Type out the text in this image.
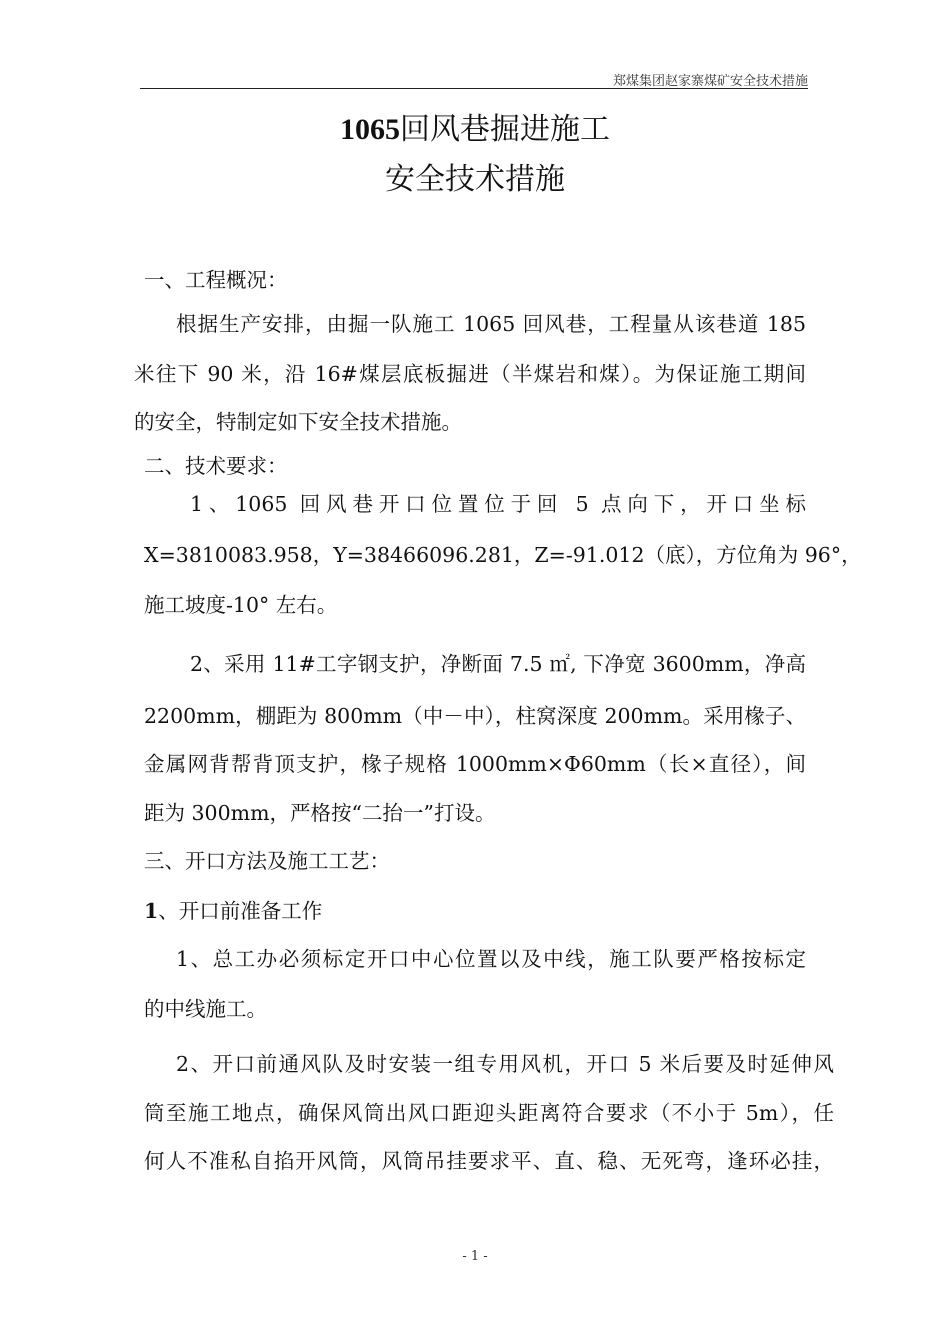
郑煤集团赵家寨煤矿安全技术措施
1065回风巷掘进施工
安全技术措施
一、工程概况：
根据生产安排，由掘一队施工 1065 回风巷，工程量从该巷道 185
米往下 90 米，沿 16#煤层底板掘进（半煤岩和煤）。为保证施工期间
的安全，特制定如下安全技术措施。
二、技术要求：
1、1065 回风巷开口位置位于回 5 点向下，开口坐标
X=3810083.958，Y=38466096.281，Z=-91.012（底），方位角为 96°，
施工坡度-10° 左右。
2、采用 11#工字钢支护，净断面 7.5 ㎡, 下净宽 3600mm，净高
2200mm，棚距为 800mm（中－中），柱窝深度 200mm。采用椽子、
金属网背帮背顶支护，椽子规格 1000mm×Φ60mm（长×直径），间
距为 300mm，严格按“二抬一”打设。
三、开口方法及施工工艺：
1、开口前准备工作
1、总工办必须标定开口中心位置以及中线，施工队要严格按标定
的中线施工。
2、开口前通风队及时安装一组专用风机，开口 5 米后要及时延伸风
筒至施工地点，确保风筒出风口距迎头距离符合要求（不小于 5m），任
何人不准私自掐开风筒，风筒吊挂要求平、直、稳、无死弯，逢环必挂，
- 1 -
